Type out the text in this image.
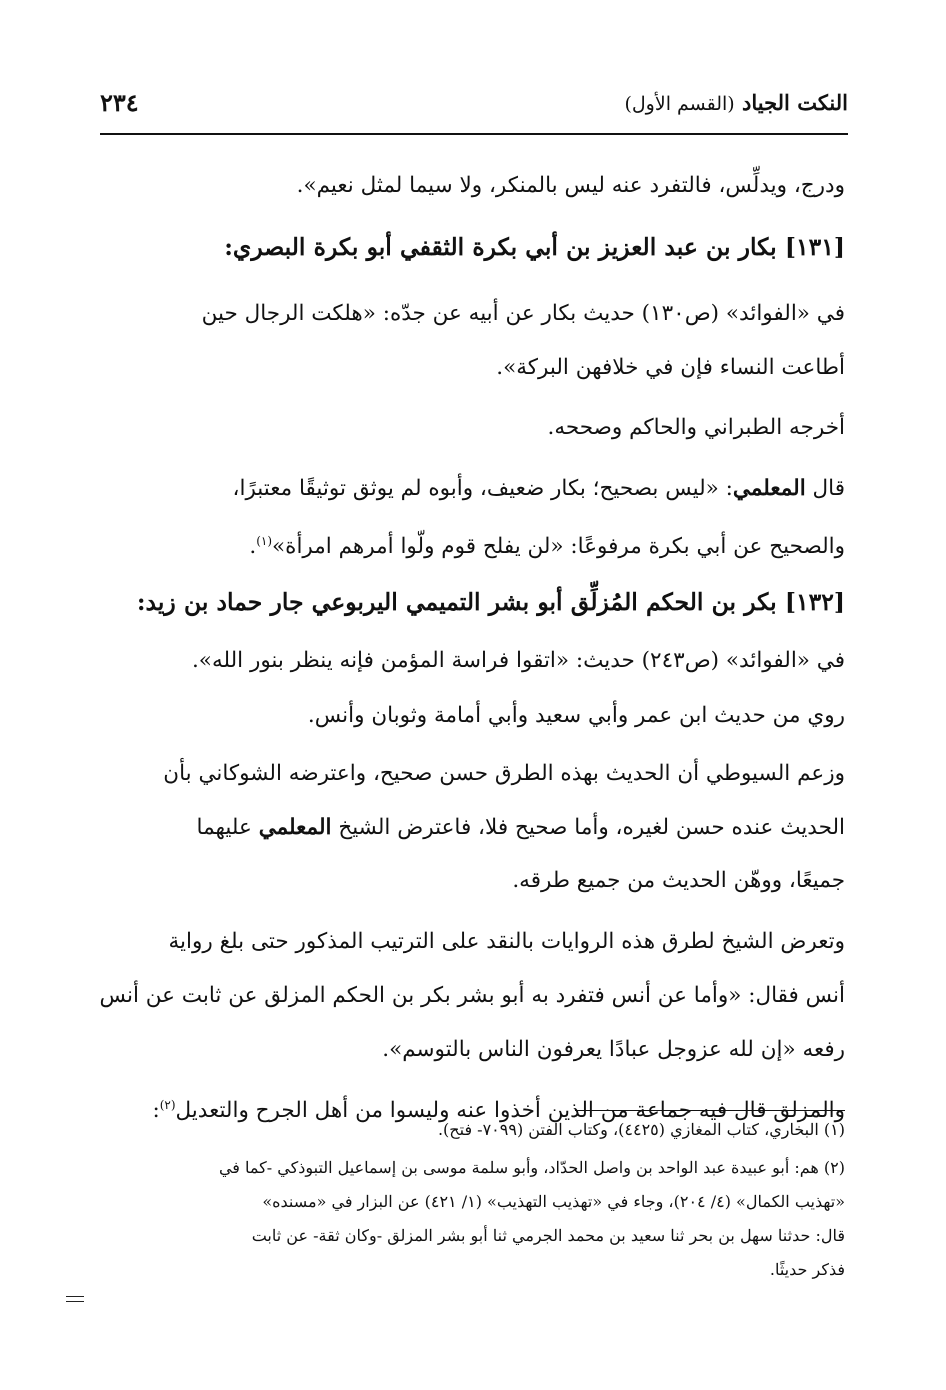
النكت الجياد (القسم الأول)
٢٣٤
ودرج، ويدلِّس، فالتفرد عنه ليس بالمنكر، ولا سيما لمثل نعيم».
[١٣١] بكار بن عبد العزيز بن أبي بكرة الثقفي أبو بكرة البصري:
في «الفوائد» (ص١٣٠) حديث بكار عن أبيه عن جدّه: «هلكت الرجال حين
أطاعت النساء فإن في خلافهن البركة».
أخرجه الطبراني والحاكم وصححه.
قال المعلمي: «ليس بصحيح؛ بكار ضعيف، وأبوه لم يوثق توثيقًا معتبرًا،
والصحيح عن أبي بكرة مرفوعًا: «لن يفلح قوم ولّوا أمرهم امرأة»$^{(١)}$.
[١٣٢] بكر بن الحكم المُزلِّق أبو بشر التميمي اليربوعي جار حماد بن زيد:
في «الفوائد» (ص٢٤٣) حديث: «اتقوا فراسة المؤمن فإنه ينظر بنور الله».
روي من حديث ابن عمر وأبي سعيد وأبي أمامة وثوبان وأنس.
وزعم السيوطي أن الحديث بهذه الطرق حسن صحيح، واعترضه الشوكاني بأن
الحديث عنده حسن لغيره، وأما صحيح فلا، فاعترض الشيخ المعلمي عليهما
جميعًا، ووهّن الحديث من جميع طرقه.
وتعرض الشيخ لطرق هذه الروايات بالنقد على الترتيب المذكور حتى بلغ رواية
أنس فقال: «وأما عن أنس فتفرد به أبو بشر بكر بن الحكم المزلق عن ثابت عن أنس
رفعه «إن لله عزوجل عبادًا يعرفون الناس بالتوسم».
والمزلق قال فيه جماعة من الذين أخذوا عنه وليسوا من أهل الجرح والتعديل$^{(٢)}$:
(١) البخاري، كتاب المغازي (٤٤٢٥)، وكتاب الفتن (٧٠٩٩- فتح).
(٢) هم: أبو عبيدة عبد الواحد بن واصل الحدّاد، وأبو سلمة موسى بن إسماعيل التبوذكي -كما في
«تهذيب الكمال» (٤/ ٢٠٤)، وجاء في «تهذيب التهذيب» (١/ ٤٢١) عن البزار في «مسنده»
قال: حدثنا سهل بن بحر ثنا سعيد بن محمد الجرمي ثنا أبو بشر المزلق -وكان ثقة- عن ثابت
فذكر حديثًا.
